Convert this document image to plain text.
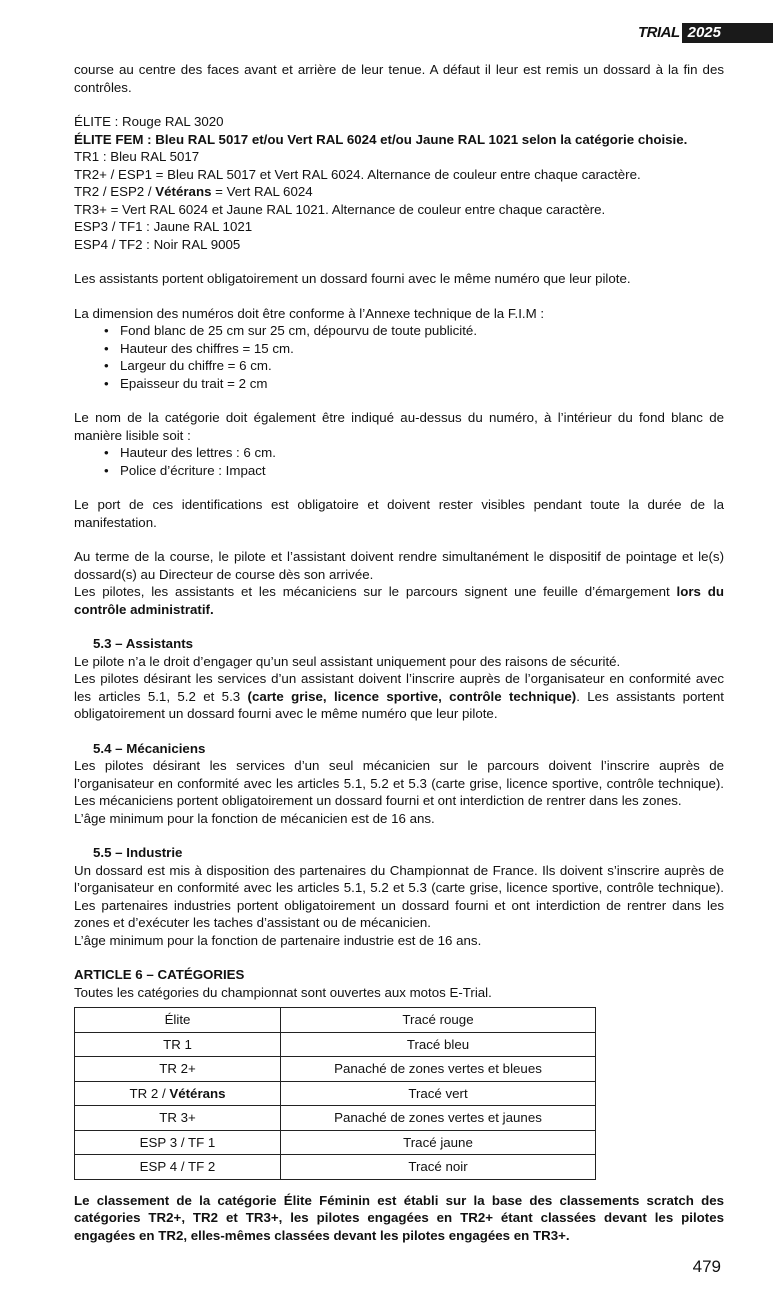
TRIAL 2025

course au centre des faces avant et arrière de leur tenue. A défaut il leur est remis un dossard à la fin des contrôles.

ÉLITE : Rouge RAL 3020

ÉLITE FEM : Bleu RAL 5017 et/ou Vert RAL 6024 et/ou Jaune RAL 1021 selon la catégorie choisie.

TR1 : Bleu RAL 5017

TR2+ / ESP1 = Bleu RAL 5017 et Vert RAL 6024. Alternance de couleur entre chaque caractère.

TR2 / ESP2 / Vétérans = Vert RAL 6024

TR3+ = Vert RAL 6024 et Jaune RAL 1021. Alternance de couleur entre chaque caractère.

ESP3 / TF1 : Jaune RAL 1021

ESP4 / TF2 : Noir RAL 9005

Les assistants portent obligatoirement un dossard fourni avec le même numéro que leur pilote.

La dimension des numéros doit être conforme à l’Annexe technique de la F.I.M :

• Fond blanc de 25 cm sur 25 cm, dépourvu de toute publicité.
• Hauteur des chiffres = 15 cm.
• Largeur du chiffre = 6 cm.
• Epaisseur du trait = 2 cm

Le nom de la catégorie doit également être indiqué au-dessus du numéro, à l’intérieur du fond blanc de manière lisible soit :

• Hauteur des lettres : 6 cm.
• Police d’écriture : Impact

Le port de ces identifications est obligatoire et doivent rester visibles pendant toute la durée de la manifestation.

Au terme de la course, le pilote et l’assistant doivent rendre simultanément le dispositif de pointage et le(s) dossard(s) au Directeur de course dès son arrivée.

Les pilotes, les assistants et les mécaniciens sur le parcours signent une feuille d’émargement lors du contrôle administratif.

5.3 – Assistants

Le pilote n’a le droit d’engager qu’un seul assistant uniquement pour des raisons de sécurité.

Les pilotes désirant les services d’un assistant doivent l’inscrire auprès de l’organisateur en conformité avec les articles 5.1, 5.2 et 5.3 (carte grise, licence sportive, contrôle technique). Les assistants portent obligatoirement un dossard fourni avec le même numéro que leur pilote.

5.4 – Mécaniciens

Les pilotes désirant les services d’un seul mécanicien sur le parcours doivent l’inscrire auprès de l’organisateur en conformité avec les articles 5.1, 5.2 et 5.3 (carte grise, licence sportive, contrôle technique). Les mécaniciens portent obligatoirement un dossard fourni et ont interdiction de rentrer dans les zones.

L’âge minimum pour la fonction de mécanicien est de 16 ans.

5.5 – Industrie

Un dossard est mis à disposition des partenaires du Championnat de France. Ils doivent s’inscrire auprès de l’organisateur en conformité avec les articles 5.1, 5.2 et 5.3 (carte grise, licence sportive, contrôle technique). Les partenaires industries portent obligatoirement un dossard fourni et ont interdiction de rentrer dans les zones et d’exécuter les taches d’assistant ou de mécanicien.

L’âge minimum pour la fonction de partenaire industrie est de 16 ans.

ARTICLE 6 – CATÉGORIES

Toutes les catégories du championnat sont ouvertes aux motos E-Trial.

Élite	Tracé rouge
TR 1	Tracé bleu
TR 2+	Panaché de zones vertes et bleues
TR 2 / Vétérans	Tracé vert
TR 3+	Panaché de zones vertes et jaunes
ESP 3 / TF 1	Tracé jaune
ESP 4 / TF 2	Tracé noir

Le classement de la catégorie Élite Féminin est établi sur la base des classements scratch des catégories TR2+, TR2 et TR3+, les pilotes engagées en TR2+ étant classées devant les pilotes engagées en TR2, elles-mêmes classées devant les pilotes engagées en TR3+.

479
